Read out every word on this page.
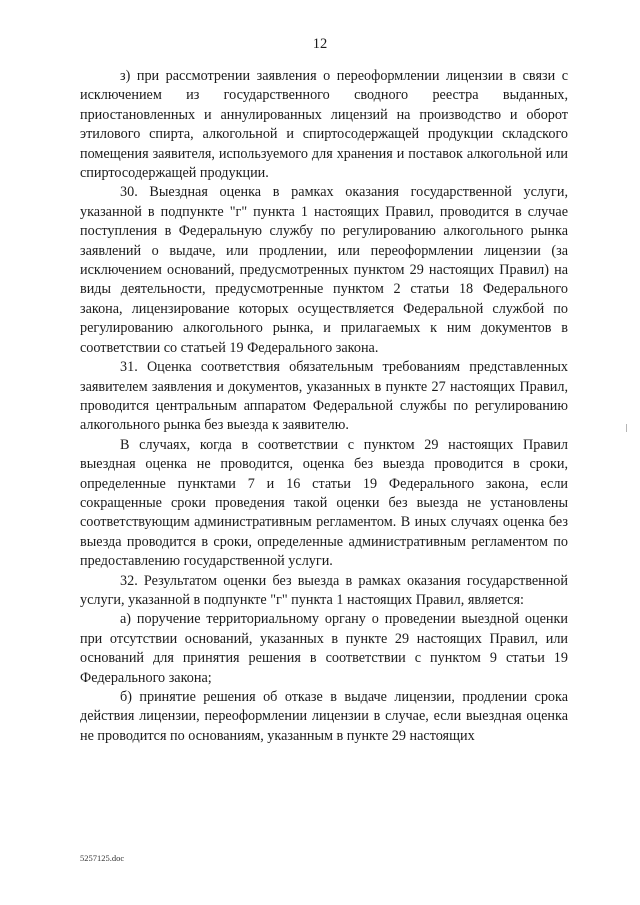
12

з) при рассмотрении заявления о переоформлении лицензии в связи с исключением из государственного сводного реестра выданных, приостановленных и аннулированных лицензий на производство и оборот этилового спирта, алкогольной и спиртосодержащей продукции складского помещения заявителя, используемого для хранения и поставок алкогольной или спиртосодержащей продукции.

30. Выездная оценка в рамках оказания государственной услуги, указанной в подпункте "г" пункта 1 настоящих Правил, проводится в случае поступления в Федеральную службу по регулированию алкогольного рынка заявлений о выдаче, или продлении, или переоформлении лицензии (за исключением оснований, предусмотренных пунктом 29 настоящих Правил) на виды деятельности, предусмотренные пунктом 2 статьи 18 Федерального закона, лицензирование которых осуществляется Федеральной службой по регулированию алкогольного рынка, и прилагаемых к ним документов в соответствии со статьей 19 Федерального закона.

31. Оценка соответствия обязательным требованиям представленных заявителем заявления и документов, указанных в пункте 27 настоящих Правил, проводится центральным аппаратом Федеральной службы по регулированию алкогольного рынка без выезда к заявителю.

В случаях, когда в соответствии с пунктом 29 настоящих Правил выездная оценка не проводится, оценка без выезда проводится в сроки, определенные пунктами 7 и 16 статьи 19 Федерального закона, если сокращенные сроки проведения такой оценки без выезда не установлены соответствующим административным регламентом. В иных случаях оценка без выезда проводится в сроки, определенные административным регламентом по предоставлению государственной услуги.

32. Результатом оценки без выезда в рамках оказания государственной услуги, указанной в подпункте "г" пункта 1 настоящих Правил, является:

а) поручение территориальному органу о проведении выездной оценки при отсутствии оснований, указанных в пункте 29 настоящих Правил, или оснований для принятия решения в соответствии с пунктом 9 статьи 19 Федерального закона;

б) принятие решения об отказе в выдаче лицензии, продлении срока действия лицензии, переоформлении лицензии в случае, если выездная оценка не проводится по основаниям, указанным в пункте 29 настоящих

5257125.doc
